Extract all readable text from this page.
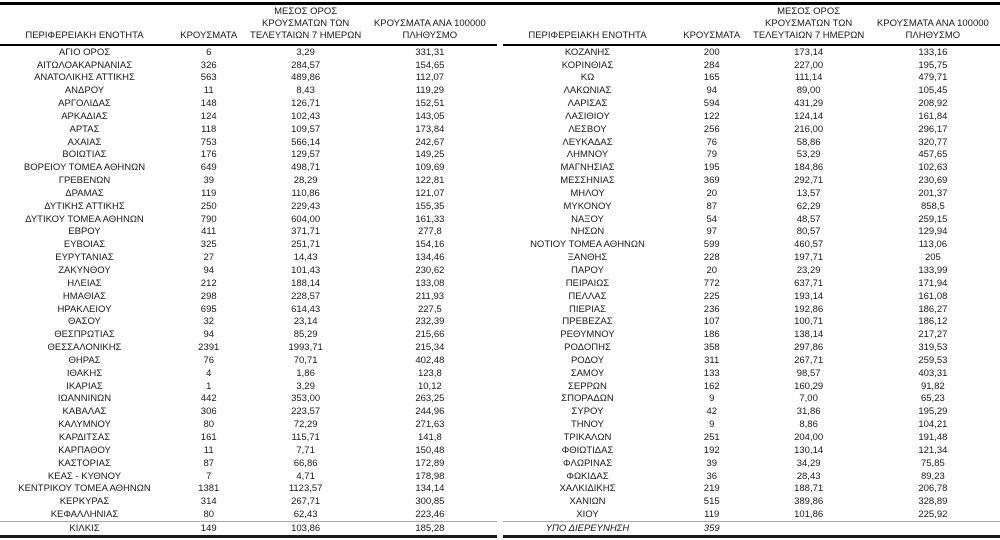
ΠΕΡΙΦΕΡΕΙΑΚΗ ΕΝΟΤΗΤΑ	ΚΡΟΥΣΜΑΤΑ
ΜΕΣΟΣ ΟΡΟΣ
ΚΡΟΥΣΜΑΤΩΝ ΤΩΝ
ΤΕΛΕΥΤΑΙΩΝ 7 ΗΜΕΡΩΝ
ΚΡΟΥΣΜΑΤΑ ΑΝΑ 100000
ΠΛΗΘΥΣΜΟ
ΑΓΙΟ ΟΡΟΣ	6	3,29	331,31
ΑΙΤΩΛΟΑΚΑΡΝΑΝΙΑΣ	326	284,57	154,65
ΑΝΑΤΟΛΙΚΗΣ ΑΤΤΙΚΗΣ	563	489,86	112,07
ΑΝΔΡΟΥ	11	8,43	119,29
ΑΡΓΟΛΙΔΑΣ	148	126,71	152,51
ΑΡΚΑΔΙΑΣ	124	102,43	143,05
ΑΡΤΑΣ	118	109,57	173,84
ΑΧΑΪΑΣ	753	566,14	242,67
ΒΟΙΩΤΙΑΣ	176	129,57	149,25
ΒΟΡΕΙΟΥ ΤΟΜΕΑ ΑΘΗΝΩΝ	649	498,71	109,69
ΓΡΕΒΕΝΩΝ	39	28,29	122,81
ΔΡΑΜΑΣ	119	110,86	121,07
ΔΥΤΙΚΗΣ ΑΤΤΙΚΗΣ	250	229,43	155,35
ΔΥΤΙΚΟΥ ΤΟΜΕΑ ΑΘΗΝΩΝ	790	604,00	161,33
ΕΒΡΟΥ	411	371,71	277,8
ΕΥΒΟΙΑΣ	325	251,71	154,16
ΕΥΡΥΤΑΝΙΑΣ	27	14,43	134,46
ΖΑΚΥΝΘΟΥ	94	101,43	230,62
ΗΛΕΙΑΣ	212	188,14	133,08
ΗΜΑΘΙΑΣ	298	228,57	211,93
ΗΡΑΚΛΕΙΟΥ	695	614,43	227,5
ΘΑΣΟΥ	32	23,14	232,39
ΘΕΣΠΡΩΤΙΑΣ	94	85,29	215,66
ΘΕΣΣΑΛΟΝΙΚΗΣ	2391	1993,71	215,34
ΘΗΡΑΣ	76	70,71	402,48
ΙΘΑΚΗΣ	4	1,86	123,8
ΙΚΑΡΙΑΣ	1	3,29	10,12
ΙΩΑΝΝΙΝΩΝ	442	353,00	263,25
ΚΑΒΑΛΑΣ	306	223,57	244,96
ΚΑΛΥΜΝΟΥ	80	72,29	271,63
ΚΑΡΔΙΤΣΑΣ	161	115,71	141,8
ΚΑΡΠΑΘΟΥ	11	7,71	150,48
ΚΑΣΤΟΡΙΑΣ	87	66,86	172,89
ΚΕΑΣ - ΚΥΘΝΟΥ	7	4,71	178,98
ΚΕΝΤΡΙΚΟΥ ΤΟΜΕΑ ΑΘΗΝΩΝ	1381	1123,57	134,14
ΚΕΡΚΥΡΑΣ	314	267,71	300,85
ΚΕΦΑΛΛΗΝΙΑΣ	80	62,43	223,46
ΚΙΛΚΙΣ	149	103,86	185,28
ΠΕΡΙΦΕΡΕΙΑΚΗ ΕΝΟΤΗΤΑ	ΚΡΟΥΣΜΑΤΑ
ΜΕΣΟΣ ΟΡΟΣ
ΚΡΟΥΣΜΑΤΩΝ ΤΩΝ
ΤΕΛΕΥΤΑΙΩΝ 7 ΗΜΕΡΩΝ
ΚΡΟΥΣΜΑΤΑ ΑΝΑ 100000
ΠΛΗΘΥΣΜΟ
ΚΟΖΑΝΗΣ	200	173,14	133,16
ΚΟΡΙΝΘΙΑΣ	284	227,00	195,75
ΚΩ	165	111,14	479,71
ΛΑΚΩΝΙΑΣ	94	89,00	105,45
ΛΑΡΙΣΑΣ	594	431,29	208,92
ΛΑΣΙΘΙΟΥ	122	124,14	161,84
ΛΕΣΒΟΥ	256	216,00	296,17
ΛΕΥΚΑΔΑΣ	76	58,86	320,77
ΛΗΜΝΟΥ	79	53,29	457,65
ΜΑΓΝΗΣΙΑΣ	195	184,86	102,63
ΜΕΣΣΗΝΙΑΣ	369	292,71	230,69
ΜΗΛΟΥ	20	13,57	201,37
ΜΥΚΟΝΟΥ	87	62,29	858,5
ΝΑΞΟΥ	54	48,57	259,15
ΝΗΣΩΝ	97	80,57	129,94
ΝΟΤΙΟΥ ΤΟΜΕΑ ΑΘΗΝΩΝ	599	460,57	113,06
ΞΑΝΘΗΣ	228	197,71	205
ΠΑΡΟΥ	20	23,29	133,99
ΠΕΙΡΑΙΩΣ	772	637,71	171,94
ΠΕΛΛΑΣ	225	193,14	161,08
ΠΙΕΡΙΑΣ	236	192,86	186,27
ΠΡΕΒΕΖΑΣ	107	100,71	186,12
ΡΕΘΥΜΝΟΥ	186	138,14	217,27
ΡΟΔΟΠΗΣ	358	297,86	319,53
ΡΟΔΟΥ	311	267,71	259,53
ΣΑΜΟΥ	133	98,57	403,31
ΣΕΡΡΩΝ	162	160,29	91,82
ΣΠΟΡΑΔΩΝ	9	7,00	65,23
ΣΥΡΟΥ	42	31,86	195,29
ΤΗΝΟΥ	9	8,86	104,21
ΤΡΙΚΑΛΩΝ	251	204,00	191,48
ΦΘΙΩΤΙΔΑΣ	192	130,14	121,34
ΦΛΩΡΙΝΑΣ	39	34,29	75,85
ΦΩΚΙΔΑΣ	36	28,43	89,23
ΧΑΛΚΙΔΙΚΗΣ	219	188,71	206,78
ΧΑΝΙΩΝ	515	389,86	328,89
ΧΙΟΥ	119	101,86	225,92
ΥΠΟ ΔΙΕΡΕΥΝΗΣΗ	359
